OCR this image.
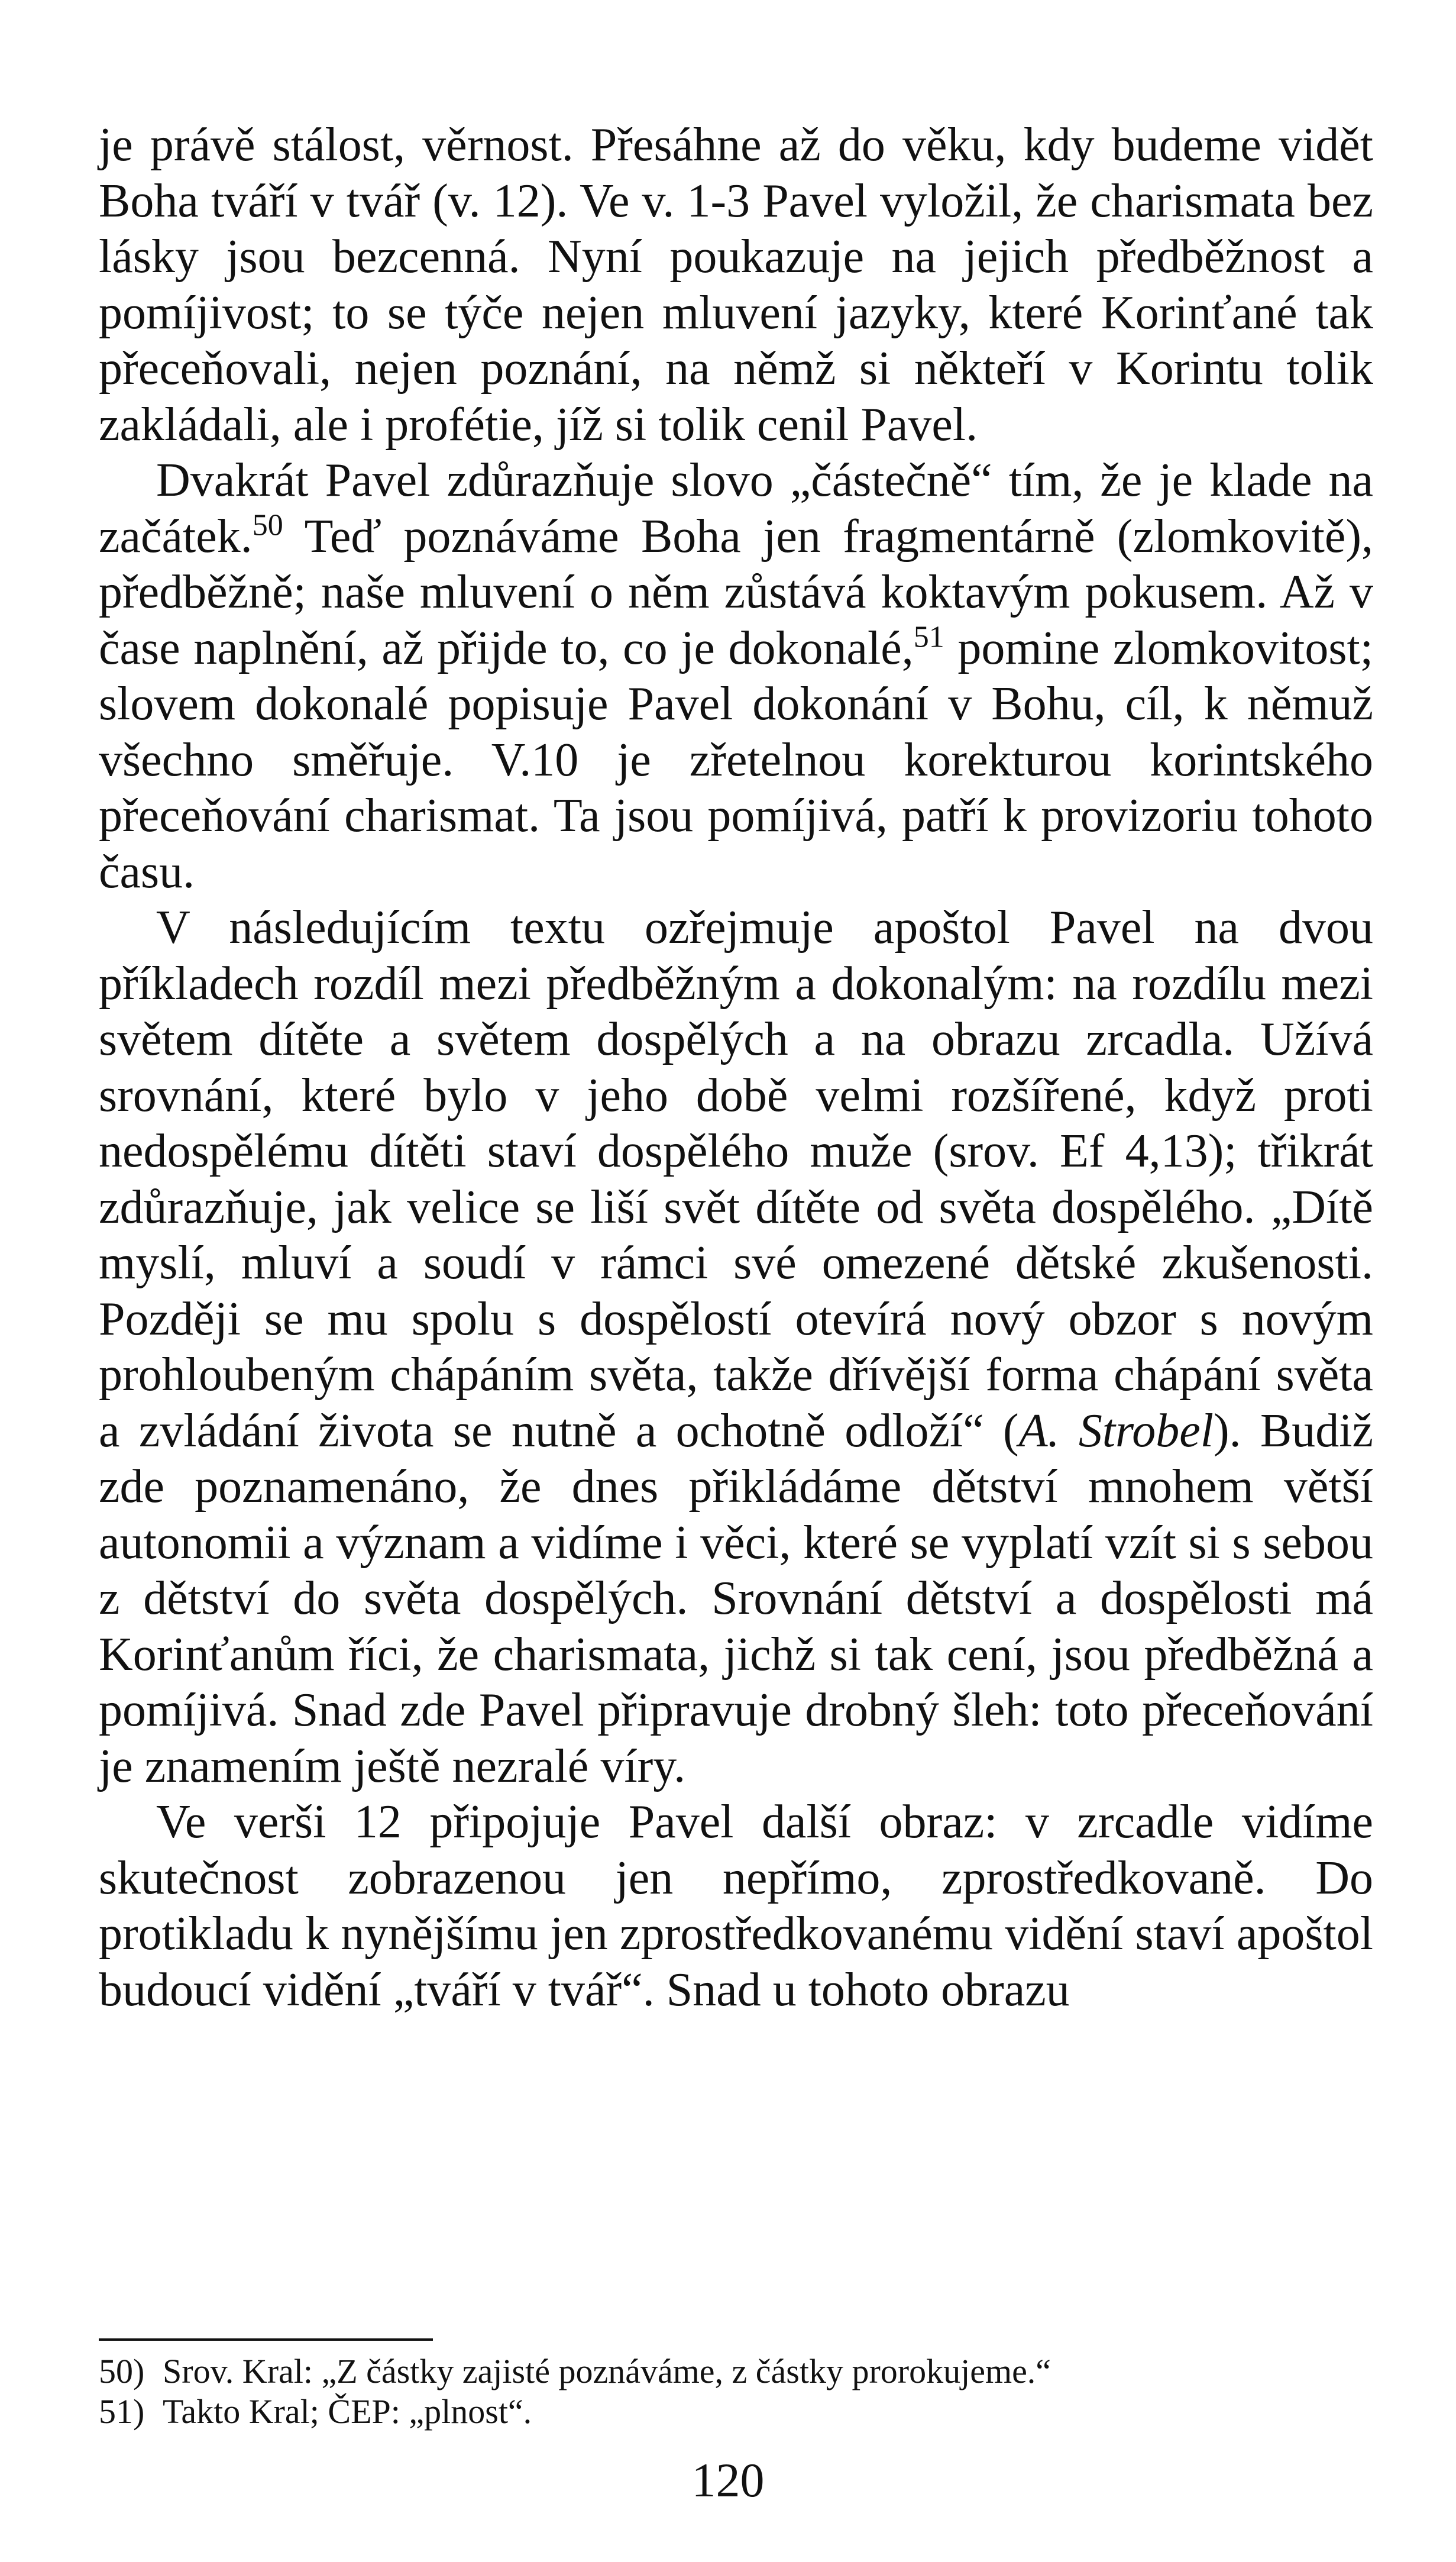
je právě stálost, věrnost. Přesáhne až do věku, kdy budeme vidět Boha tváří v tvář (v. 12). Ve v. 1-3 Pavel vyložil, že charismata bez lásky jsou bezcenná. Nyní poukazuje na jejich předběžnost a pomíjivost; to se týče nejen mluvení jazyky, které Korinťané tak přeceňovali, nejen poznání, na němž si někteří v Korintu tolik zakládali, ale i profétie, jíž si tolik cenil Pavel.

Dvakrát Pavel zdůrazňuje slovo „částečně“ tím, že je klade na začátek.$^{50}$ Teď poznáváme Boha jen fragmentárně (zlomkovitě), předběžně; naše mluvení o něm zůstává koktavým pokusem. Až v čase naplnění, až přijde to, co je dokonalé,$^{51}$ pomine zlomkovitost; slovem dokonalé popisuje Pavel dokonání v Bohu, cíl, k němuž všechno směřuje. V.10 je zřetelnou korekturou korintského přeceňování charismat. Ta jsou pomíjivá, patří k provizoriu tohoto času.

V následujícím textu ozřejmuje apoštol Pavel na dvou příkladech rozdíl mezi předběžným a dokonalým: na rozdílu mezi světem dítěte a světem dospělých a na obrazu zrcadla. Užívá srovnání, které bylo v jeho době velmi rozšířené, když proti nedospělému dítěti staví dospělého muže (srov. Ef 4,13); třikrát zdůrazňuje, jak velice se liší svět dítěte od světa dospělého. „Dítě myslí, mluví a soudí v rámci své omezené dětské zkušenosti. Později se mu spolu s dospělostí otevírá nový obzor s novým prohloubeným chápáním světa, takže dřívější forma chápání světa a zvládání života se nutně a ochotně odloží“ (A. Strobel). Budiž zde poznamenáno, že dnes přikládáme dětství mnohem větší autonomii a význam a vidíme i věci, které se vyplatí vzít si s sebou z dětství do světa dospělých. Srovnání dětství a dospělosti má Korinťanům říci, že charismata, jichž si tak cení, jsou předběžná a pomíjivá. Snad zde Pavel připravuje drobný šleh: toto přeceňování je znamením ještě nezralé víry.

Ve verši 12 připojuje Pavel další obraz: v zrcadle vidíme skutečnost zobrazenou jen nepřímo, zprostředkovaně. Do protikladu k nynějšímu jen zprostředkovanému vidění staví apoštol budoucí vidění „tváří v tvář“. Snad u tohoto obrazu

50) Srov. Kral: „Z částky zajisté poznáváme, z částky prorokujeme.“
51) Takto Kral; ČEP: „plnost“.
120
